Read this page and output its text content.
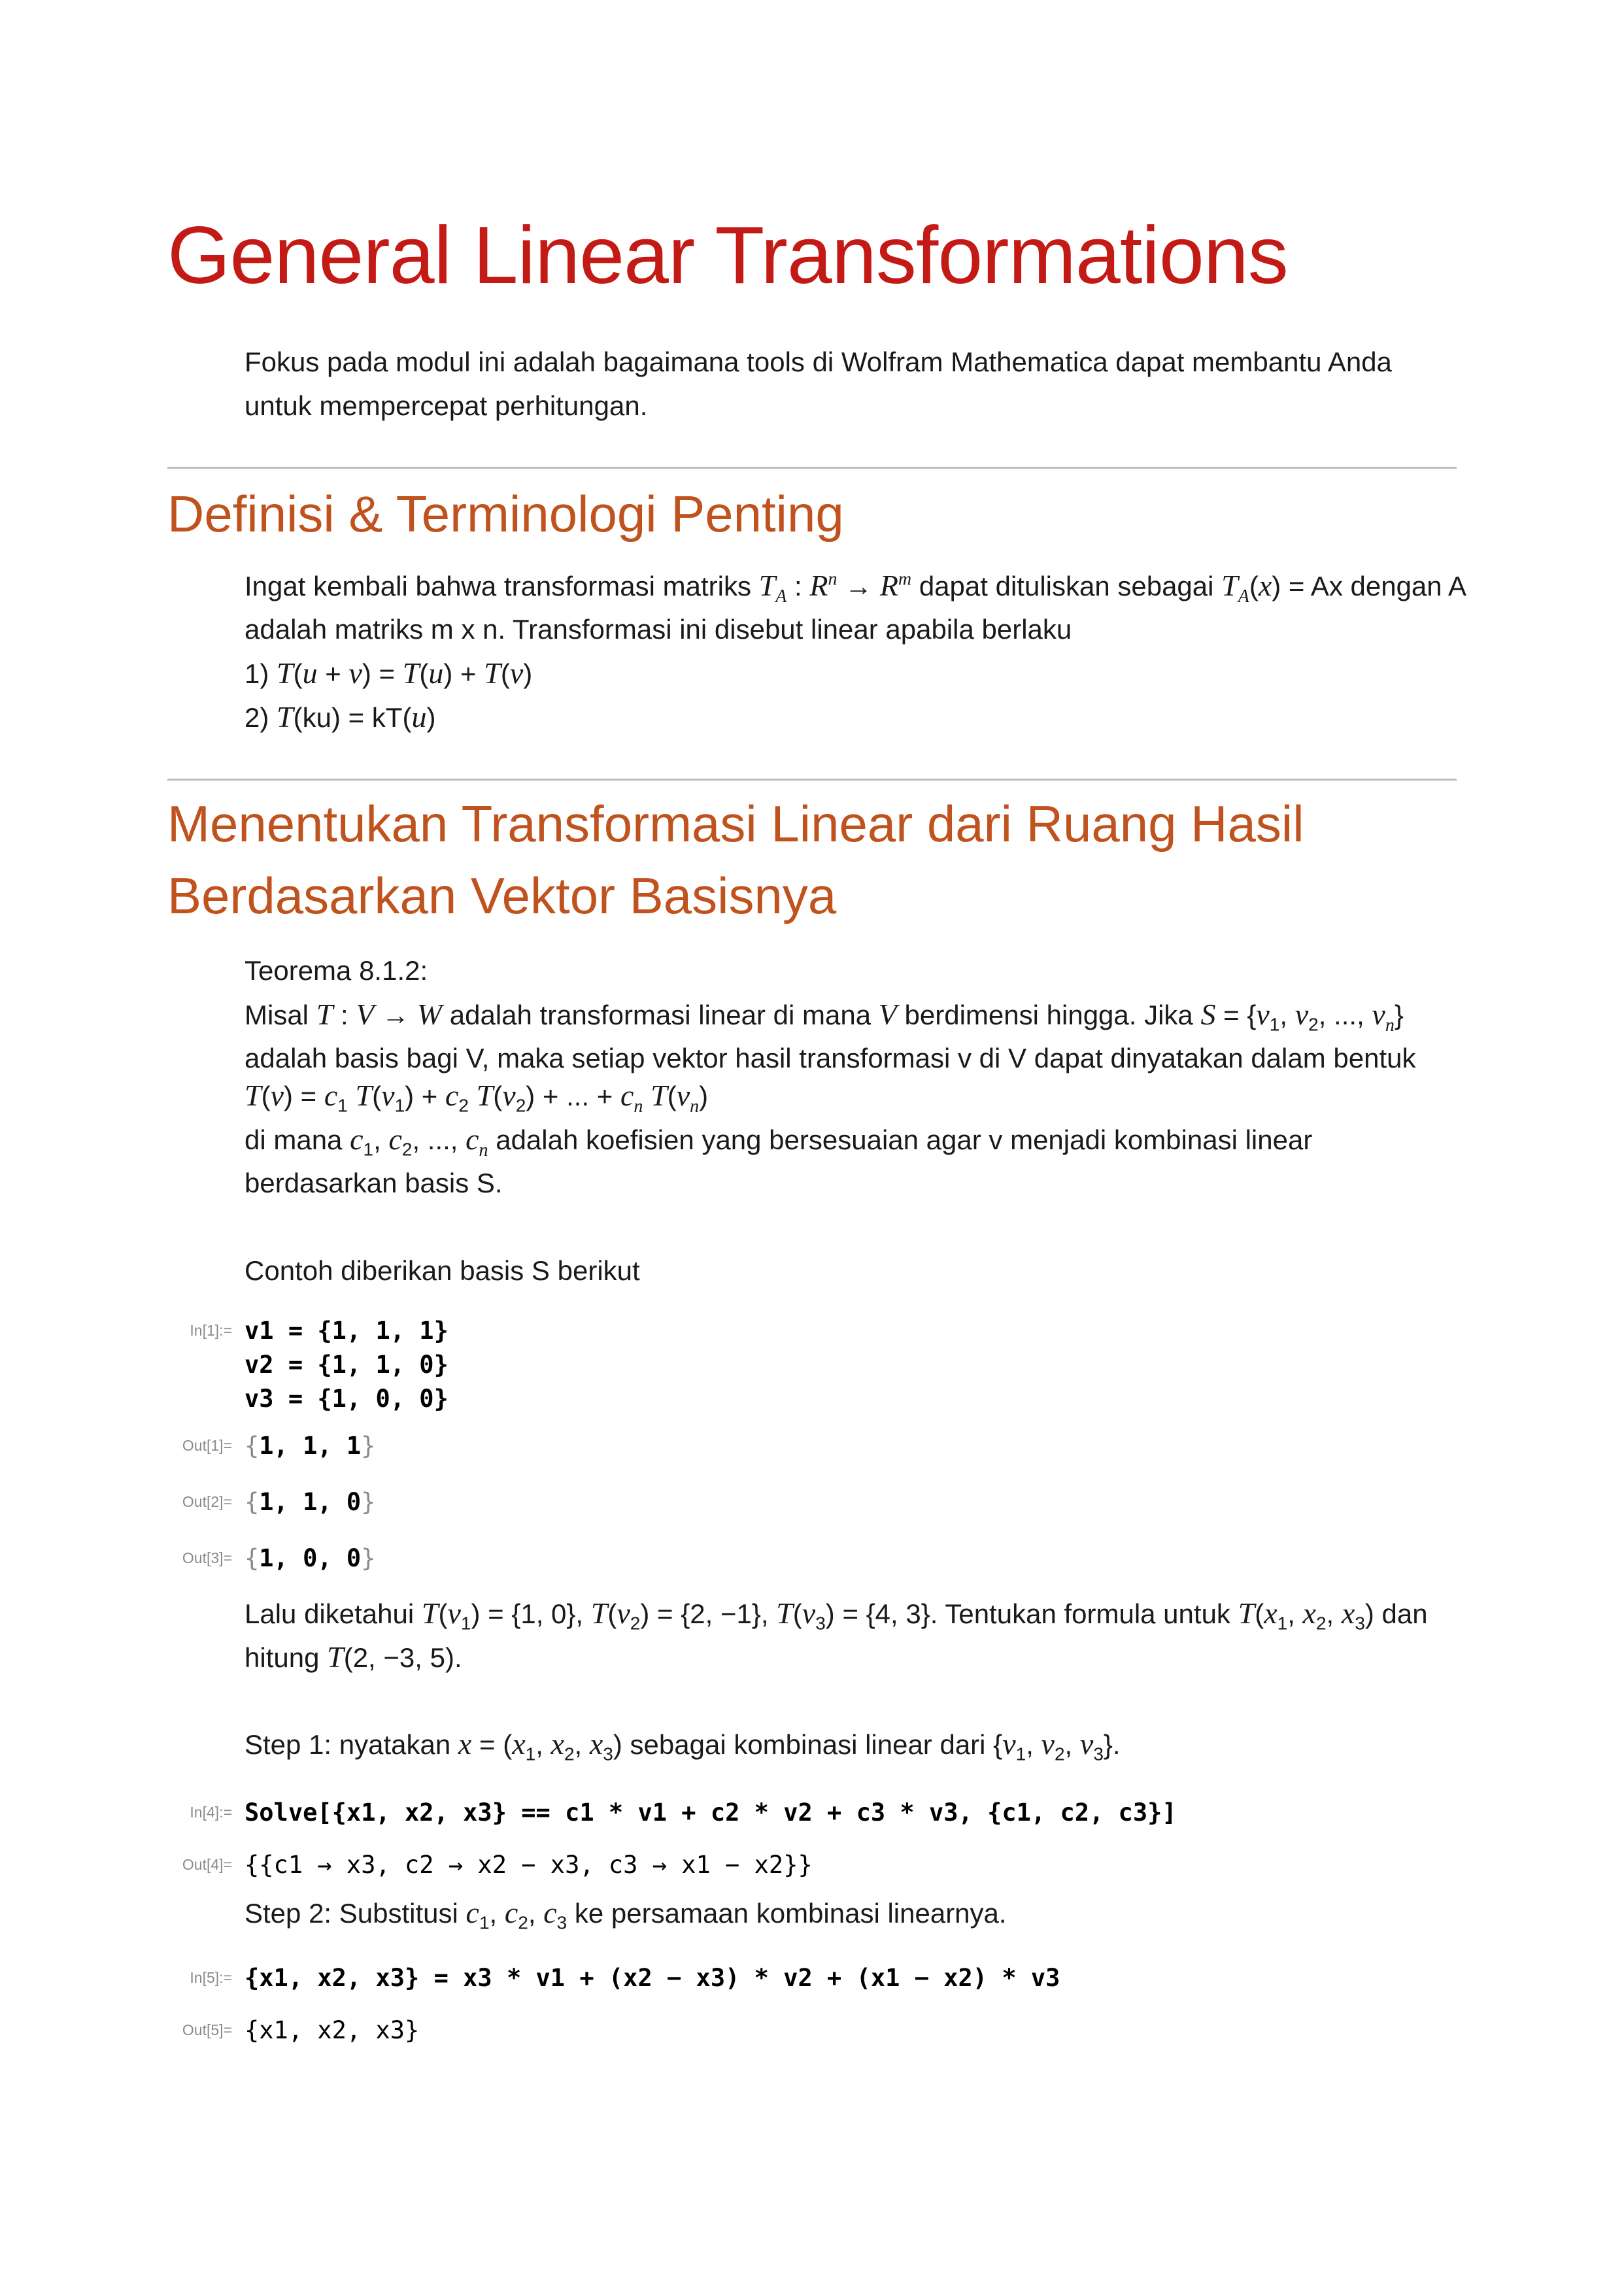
General Linear Transformations
Fokus pada modul ini adalah bagaimana tools di Wolfram Mathematica dapat membantu Anda
untuk mempercepat perhitungan.
Definisi & Terminologi Penting
Ingat kembali bahwa transformasi matriks $T_A$ : $R^n \to R^m$ dapat dituliskan sebagai $T_A(x) = Ax$ dengan A
adalah matriks m x n. Transformasi ini disebut linear apabila berlaku
1) T(u + v) = T(u) + T(v)
2) T(ku) = kT(u)
Menentukan Transformasi Linear dari Ruang Hasil
Berdasarkan Vektor Basisnya
Teorema 8.1.2:
Misal T : V → W adalah transformasi linear di mana V berdimensi hingga. Jika $S = \{v_1$, $v_2$, ..., $v_n$}
adalah basis bagi V, maka setiap vektor hasil transformasi v di V dapat dinyatakan dalam bentuk
$T(v) = c_1$ $T(v_1) + c_2$ $T(v_2)$ + ... + $c_n$ $T(v_n)$
di mana $c_1$, $c_2$, ..., $c_n$ adalah koefisien yang bersesuaian agar v menjadi kombinasi linear
berdasarkan basis S.
Contoh diberikan basis S berikut
In[1]:= v1 = {1, 1, 1}
v2 = {1, 1, 0}
v3 = {1, 0, 0}
Out[1]= {1, 1, 1}
Out[2]= {1, 1, 0}
Out[3]= {1, 0, 0}
Lalu diketahui $T(v_1) = \{1$, 0}, $T(v_2) = \{2$, −1}, $T(v_3) = \{4$, 3}. Tentukan formula untuk $T(x_1$, $x_2$, $x_3$) dan
hitung T(2, −3, 5).
Step 1: nyatakan $x = (x_1$, $x_2$, $x_3$) sebagai kombinasi linear dari {$v_1$, $v_2$, $v_3$}.
In[4]:= Solve[{x1, x2, x3} == c1 * v1 + c2 * v2 + c3 * v3, {c1, c2, c3}]
Out[4]= {{c1 → x3, c2 → x2 − x3, c3 → x1 − x2}}
Step 2: Substitusi $c_1$, $c_2$, $c_3$ ke persamaan kombinasi linearnya.
In[5]:= {x1, x2, x3} = x3 * v1 + (x2 − x3) * v2 + (x1 − x2) * v3
Out[5]= {x1, x2, x3}
